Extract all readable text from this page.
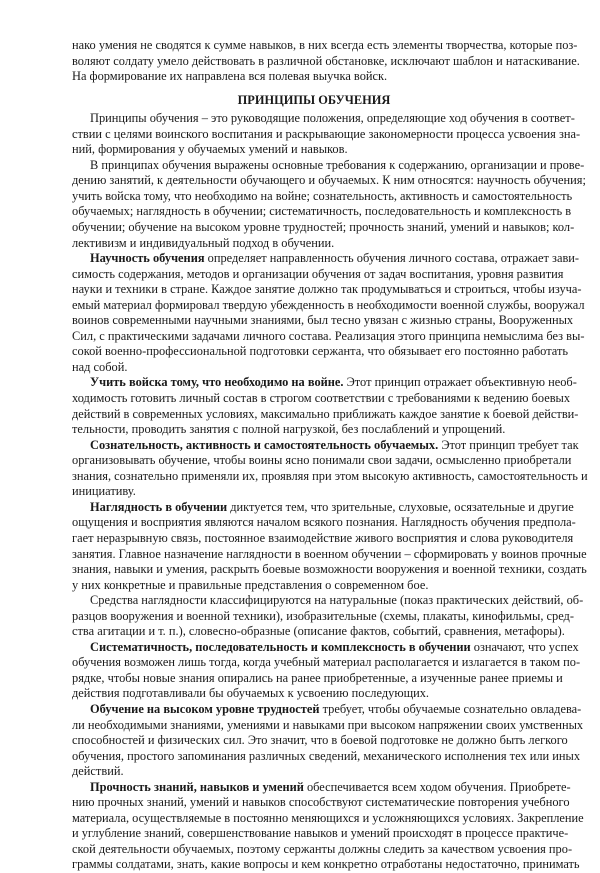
нако умения не сводятся к сумме навыков, в них всегда есть элементы творчества, которые поз-
воляют солдату умело действовать в различной обстановке, исключают шаблон и натаскивание.
На формирование их направлена вся полевая выучка войск.
ПРИНЦИПЫ ОБУЧЕНИЯ
Принципы обучения – это руководящие положения, определяющие ход обучения в соответ-
ствии с целями воинского воспитания и раскрывающие закономерности процесса усвоения зна-
ний, формирования у обучаемых умений и навыков.
В принципах обучения выражены основные требования к содержанию, организации и прове-
дению занятий, к деятельности обучающего и обучаемых. К ним относятся: научность обучения;
учить войска тому, что необходимо на войне; сознательность, активность и самостоятельность
обучаемых; наглядность в обучении; систематичность, последовательность и комплексность в
обучении; обучение на высоком уровне трудностей; прочность знаний, умений и навыков; кол-
лективизм и индивидуальный подход в обучении.
Научность обучения определяет направленность обучения личного состава, отражает зави-
симость содержания, методов и организации обучения от задач воспитания, уровня развития
науки и техники в стране. Каждое занятие должно так продумываться и строиться, чтобы изуча-
емый материал формировал твердую убежденность в необходимости военной службы, вооружал
воинов современными научными знаниями, был тесно увязан с жизнью страны, Вооруженных
Сил, с практическими задачами личного состава. Реализация этого принципа немыслима без вы-
сокой военно-профессиональной подготовки сержанта, что обязывает его постоянно работать
над собой.
Учить войска тому, что необходимо на войне. Этот принцип отражает объективную необ-
ходимость готовить личный состав в строгом соответствии с требованиями к ведению боевых
действий в современных условиях, максимально приближать каждое занятие к боевой действи-
тельности, проводить занятия с полной нагрузкой, без послаблений и упрощений.
Сознательность, активность и самостоятельность обучаемых. Этот принцип требует так
организовывать обучение, чтобы воины ясно понимали свои задачи, осмысленно приобретали
знания, сознательно применяли их, проявляя при этом высокую активность, самостоятельность и
инициативу.
Наглядность в обучении диктуется тем, что зрительные, слуховые, осязательные и другие
ощущения и восприятия являются началом всякого познания. Наглядность обучения предпола-
гает неразрывную связь, постоянное взаимодействие живого восприятия и слова руководителя
занятия. Главное назначение наглядности в военном обучении – сформировать у воинов прочные
знания, навыки и умения, раскрыть боевые возможности вооружения и военной техники, создать
у них конкретные и правильные представления о современном бое.
Средства наглядности классифицируются на натуральные (показ практических действий, об-
разцов вооружения и военной техники), изобразительные (схемы, плакаты, кинофильмы, сред-
ства агитации и т. п.), словесно-образные (описание фактов, событий, сравнения, метафоры).
Систематичность, последовательность и комплексность в обучении означают, что успех
обучения возможен лишь тогда, когда учебный материал располагается и излагается в таком по-
рядке, чтобы новые знания опирались на ранее приобретенные, а изученные ранее приемы и
действия подготавливали бы обучаемых к усвоению последующих.
Обучение на высоком уровне трудностей требует, чтобы обучаемые сознательно овладева-
ли необходимыми знаниями, умениями и навыками при высоком напряжении своих умственных
способностей и физических сил. Это значит, что в боевой подготовке не должно быть легкого
обучения, простого запоминания различных сведений, механического исполнения тех или иных
действий.
Прочность знаний, навыков и умений обеспечивается всем ходом обучения. Приобрете-
нию прочных знаний, умений и навыков способствуют систематические повторения учебного
материала, осуществляемые в постоянно меняющихся и усложняющихся условиях. Закрепление
и углубление знаний, совершенствование навыков и умений происходят в процессе практиче-
ской деятельности обучаемых, поэтому сержанты должны следить за качеством усвоения про-
граммы солдатами, знать, какие вопросы и кем конкретно отработаны недостаточно, принимать
